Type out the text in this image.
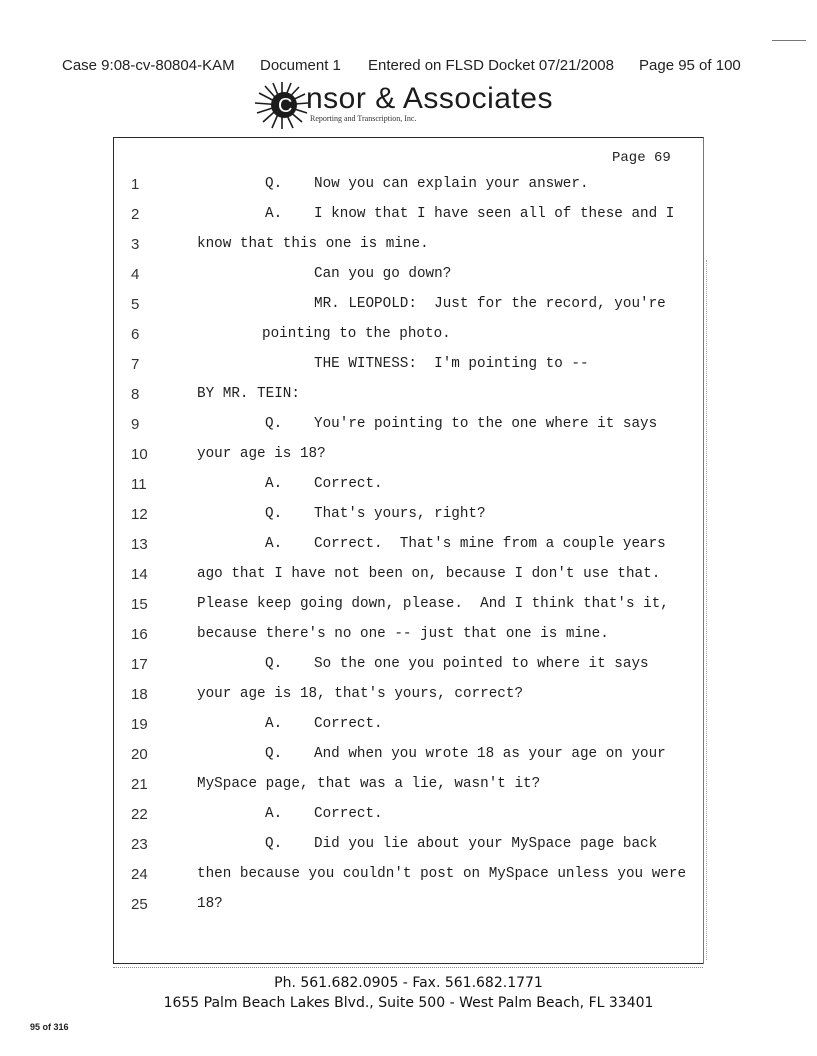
Case 9:08-cv-80804-KAM Document 1 Entered on FLSD Docket 07/21/2008 Page 95 of 100
C nsor & Associates
Reporting and Transcription, Inc.
Page 69
1	Q. Now you can explain your answer.
2	A. I know that I have seen all of these and I
3	know that this one is mine.
4	Can you go down?
5	MR. LEOPOLD:  Just for the record, you're
6	pointing to the photo.
7	THE WITNESS:  I'm pointing to --
8	BY MR. TEIN:
9	Q. You're pointing to the one where it says
10	your age is 18?
11	A. Correct.
12	Q. That's yours, right?
13	A. Correct.  That's mine from a couple years
14	ago that I have not been on, because I don't use that.
15	Please keep going down, please.  And I think that's it,
16	because there's no one -- just that one is mine.
17	Q. So the one you pointed to where it says
18	your age is 18, that's yours, correct?
19	A. Correct.
20	Q. And when you wrote 18 as your age on your
21	MySpace page, that was a lie, wasn't it?
22	A. Correct.
23	Q. Did you lie about your MySpace page back
24	then because you couldn't post on MySpace unless you were
25	18?
Ph. 561.682.0905 - Fax. 561.682.1771
1655 Palm Beach Lakes Blvd., Suite 500 - West Palm Beach, FL 33401
95 of 316
